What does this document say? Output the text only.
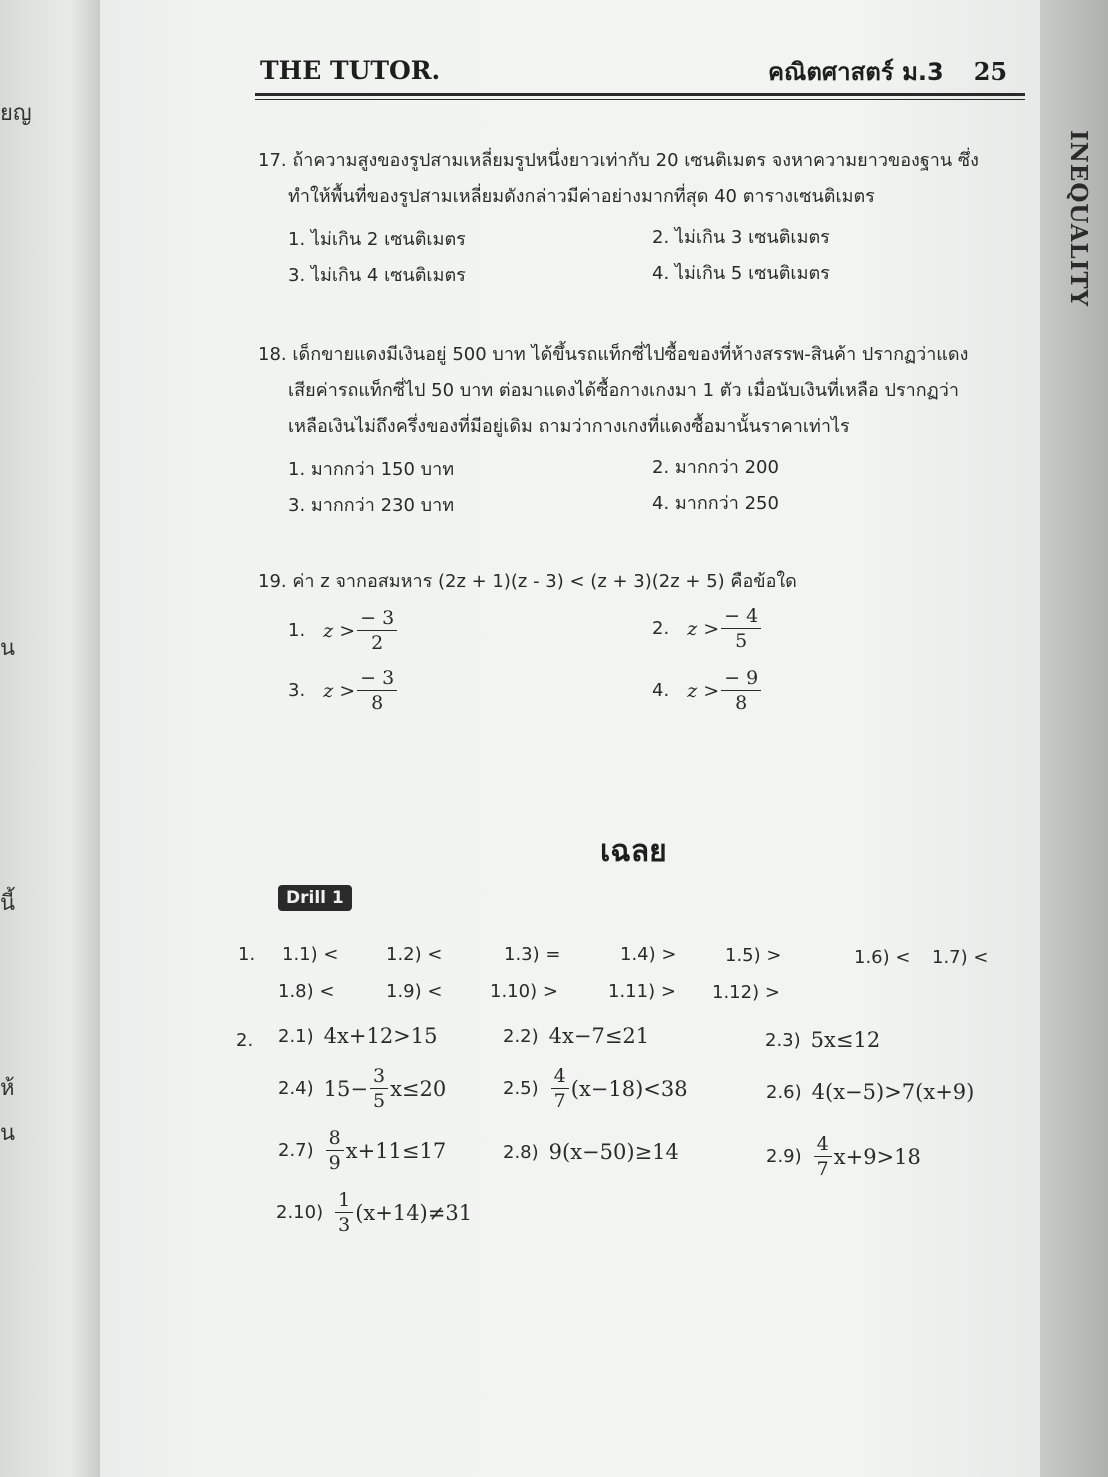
ยญ
ัน
นี้
ห้
น
THE TUTOR.	คณิตศาสตร์ ม.3 25
17. ถ้าความสูงของรูปสามเหลี่ยมรูปหนึ่งยาวเท่ากับ 20 เซนติเมตร จงหาความยาวของฐาน ซึ่ง
ทำให้พื้นที่ของรูปสามเหลี่ยมดังกล่าวมีค่าอย่างมากที่สุด 40 ตารางเซนติเมตร
1. ไม่เกิน 2 เซนติเมตร	2. ไม่เกิน 3 เซนติเมตร
3. ไม่เกิน 4 เซนติเมตร	4. ไม่เกิน 5 เซนติเมตร
18. เด็กขายแดงมีเงินอยู่ 500 บาท ได้ขึ้นรถแท็กซี่ไปซื้อของที่ห้างสรรพ-สินค้า ปรากฏว่าแดง
เสียค่ารถแท็กซี่ไป 50 บาท ต่อมาแดงได้ซื้อกางเกงมา 1 ตัว เมื่อนับเงินที่เหลือ ปรากฏว่า
เหลือเงินไม่ถึงครึ่งของที่มีอยู่เดิม ถามว่ากางเกงที่แดงซื้อมานั้นราคาเท่าไร
1. มากกว่า 150 บาท	2. มากกว่า 200
3. มากกว่า 230 บาท	4. มากกว่า 250
19. ค่า z จากอสมหาร (2z + 1)(z - 3) < (z + 3)(2z + 5) คือข้อใด
1. $z > \frac{- 3}{2}$	2. $z > \frac{- 4}{5}$
3. $z > \frac{- 3}{8}$	4. $z > \frac{- 9}{8}$
เฉลย
Drill 1
1. 1.1) <	1.2) <	1.3) =	1.4) >	1.5) >	1.6) < 1.7) <
1.8) <	1.9) <	1.10) >	1.11) > 1.12) >
2. 2.1) 4x+12>15	2.2) 4x−7≤21	2.3) 5x≤12
2.4) $15- \frac{3}{5} x\le 20$	$2.5) \frac{4}{7} (x-18)<38$	2.6) 4(x−5)>7(x+9)
$2.7) \frac{8}{9} x+11\le 17$	2.8) 9(x−50)≥14	$2.9) \frac{4}{7} x+9>18$
$2.10) \frac{1}{3} (x+14)\ne 31$
INEQUALITY
